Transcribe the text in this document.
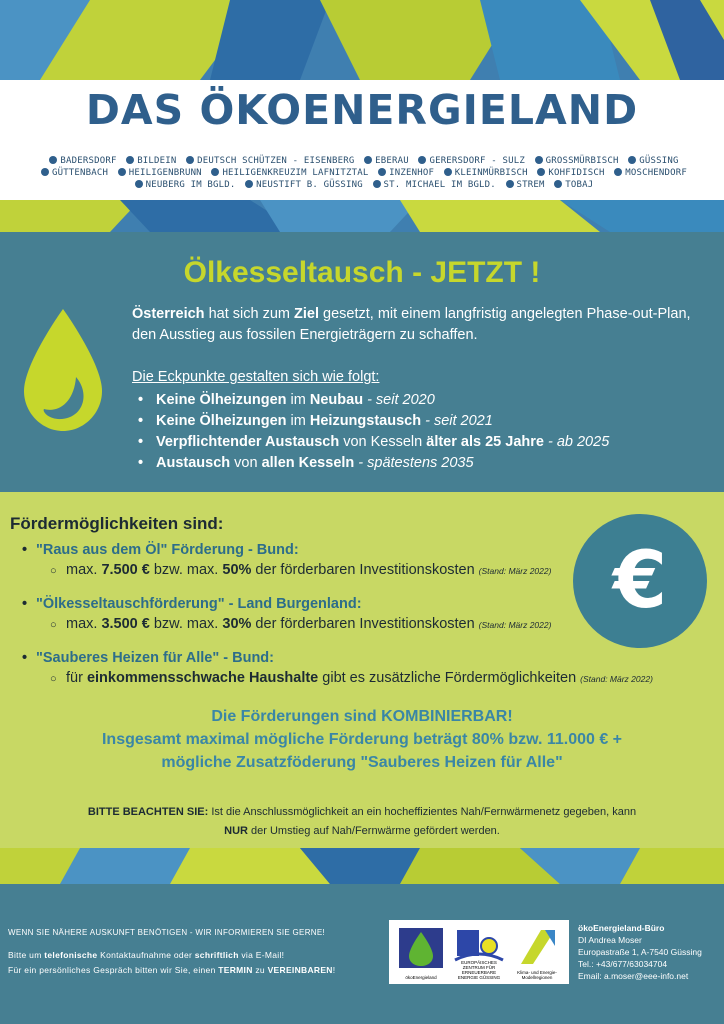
DAS ÖKOENERGIELAND
BADERSDORF BILDEIN DEUTSCH SCHÜTZEN - EISENBERG EBERAU GERERSDORF - SULZ GROSSMÜRBISCH GÜSSING GÜTTENBACH HEILIGENBRUNN HEILIGENKREUZIM LAFNITZTAL INZENHOF KLEINMÜRBISCH KOHFIDISCH MOSCHENDORF NEUBERG IM BGLD. NEUSTIFT B. GÜSSING ST. MICHAEL IM BGLD. STREM TOBAJ
Ölkesseltausch - JETZT !
Österreich hat sich zum Ziel gesetzt, mit einem langfristig angelegten Phase-out-Plan, den Ausstieg aus fossilen Energieträgern zu schaffen.
Die Eckpunkte gestalten sich wie folgt:
• Keine Ölheizungen im Neubau - seit 2020
• Keine Ölheizungen im Heizungstausch - seit 2021
• Verpflichtender Austausch von Kesseln älter als 25 Jahre - ab 2025
• Austausch von allen Kesseln - spätestens 2035
Fördermöglichkeiten sind:
• "Raus aus dem Öl" Förderung - Bund:
○ max. 7.500 € bzw. max. 50% der förderbaren Investitionskosten (Stand: März 2022)
• "Ölkesseltauschförderung" - Land Burgenland:
○ max. 3.500 € bzw. max. 30% der förderbaren Investitionskosten (Stand: März 2022)
• "Sauberes Heizen für Alle" - Bund:
○ für einkommensschwache Haushalte gibt es zusätzliche Fördermöglichkeiten (Stand: März 2022)
€
Die Förderungen sind KOMBINIERBAR!
Insgesamt maximal mögliche Förderung beträgt 80% bzw. 11.000 € +
mögliche Zusatzföderung "Sauberes Heizen für Alle"
BITTE BEACHTEN SIE: Ist die Anschlussmöglichkeit an ein hocheffizientes Nah/Fernwärmenetz gegeben, kann
NUR der Umstieg auf Nah/Fernwärme gefördert werden.
WENN SIE NÄHERE AUSKUNFT BENÖTIGEN - WIR INFORMIEREN SIE GERNE!
Bitte um telefonische Kontaktaufnahme oder schriftlich via E-Mail!
Für ein persönliches Gespräch bitten wir Sie, einen TERMIN zu VEREINBAREN!
ökoEnergieland
EUROPÄISCHES ZENTRUM FÜR ERNEUERBARE ENERGIE GÜSSING
Klima- und Energie-Modellregionen
ökoEnergieland-Büro
DI Andrea Moser
Europastraße 1, A-7540 Güssing
Tel.: +43/677/63034704
Email: a.moser@eee-info.net
